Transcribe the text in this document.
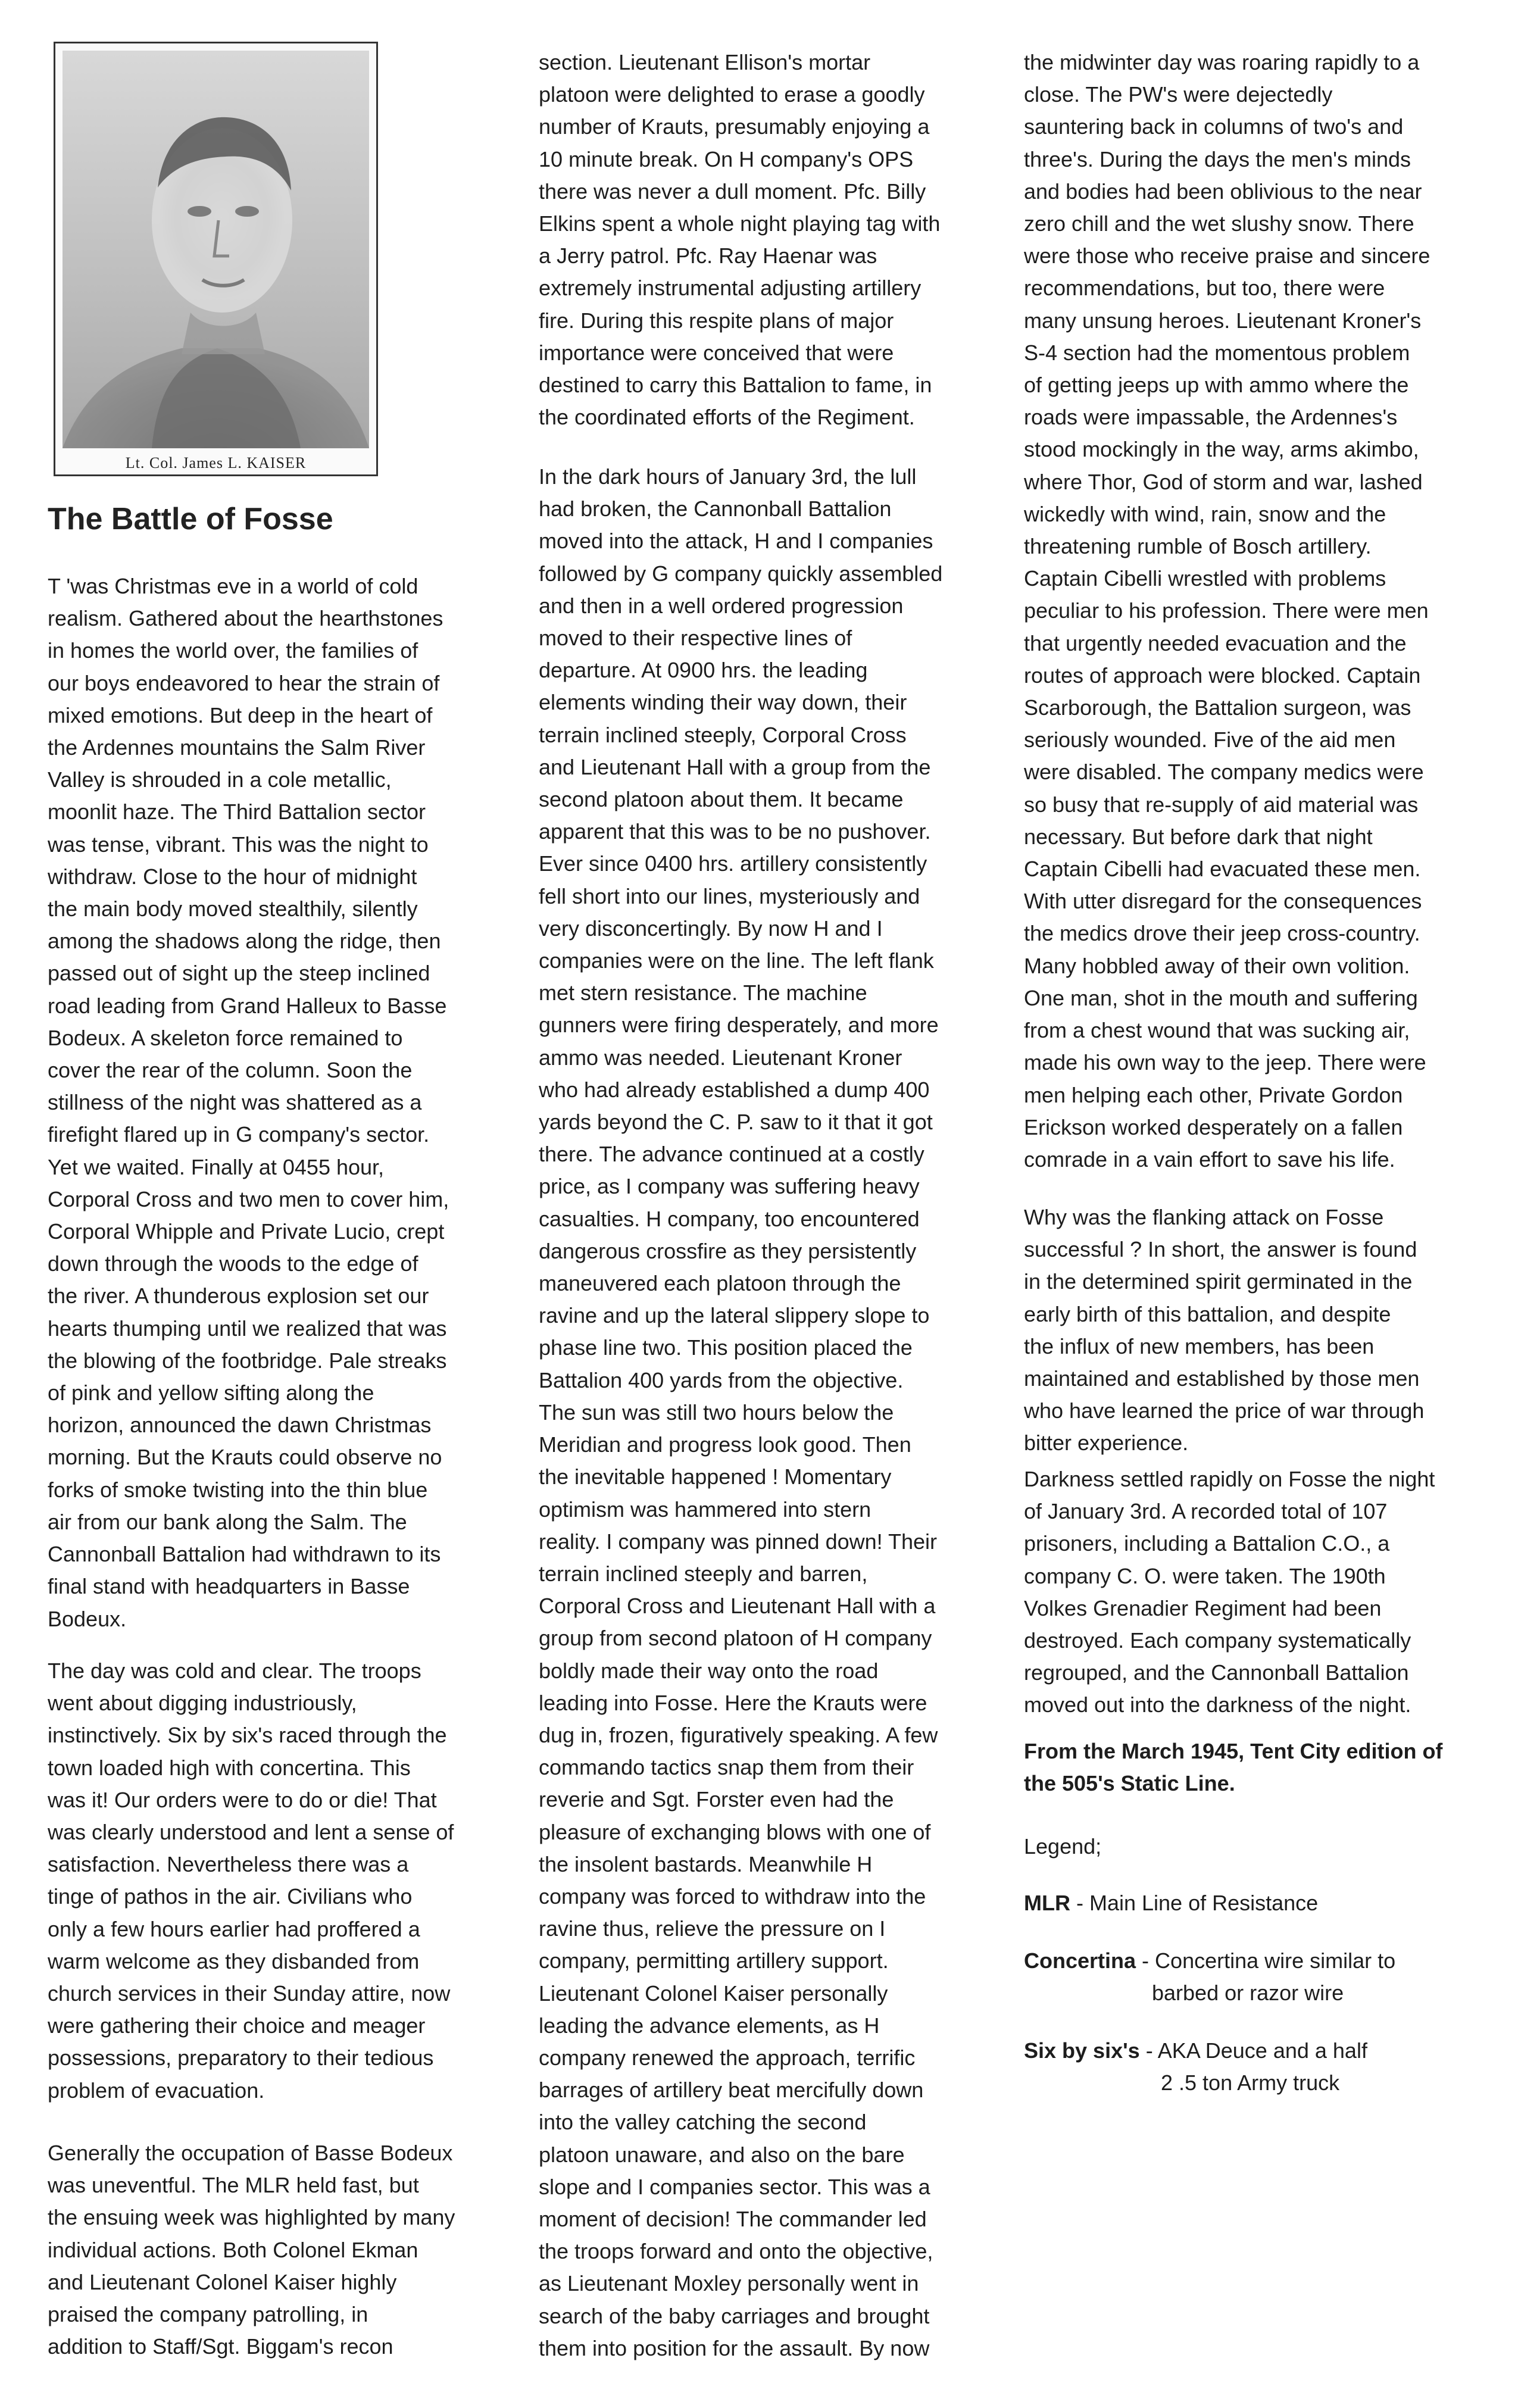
Lt. Col. James L. KAISER
The Battle of Fosse
T 'was Christmas eve in a world of cold
realism. Gathered about the hearthstones
in homes the world over, the families of
our boys endeavored to hear the strain of
mixed emotions. But deep in the heart of
the Ardennes mountains the Salm River
Valley is shrouded in a cole metallic,
moonlit haze. The Third Battalion sector
was tense, vibrant. This was the night to
withdraw. Close to the hour of midnight
the main body moved stealthily, silently
among the shadows along the ridge, then
passed out of sight up the steep inclined
road leading from Grand Halleux to Basse
Bodeux. A skeleton force remained to
cover the rear of the column. Soon the
stillness of the night was shattered as a
firefight flared up in G company's sector.
Yet we waited. Finally at 0455 hour,
Corporal Cross and two men to cover him,
Corporal Whipple and Private Lucio, crept
down through the woods to the edge of
the river. A thunderous explosion set our
hearts thumping until we realized that was
the blowing of the footbridge. Pale streaks
of pink and yellow sifting along the
horizon, announced the dawn Christmas
morning. But the Krauts could observe no
forks of smoke twisting into the thin blue
air from our bank along the Salm. The
Cannonball Battalion had withdrawn to its
final stand with headquarters in Basse
Bodeux.
The day was cold and clear. The troops
went about digging industriously,
instinctively. Six by six's raced through the
town loaded high with concertina. This
was it! Our orders were to do or die! That
was clearly understood and lent a sense of
satisfaction. Nevertheless there was a
tinge of pathos in the air. Civilians who
only a few hours earlier had proffered a
warm welcome as they disbanded from
church services in their Sunday attire, now
were gathering their choice and meager
possessions, preparatory to their tedious
problem of evacuation.
Generally the occupation of Basse Bodeux
was uneventful. The MLR held fast, but
the ensuing week was highlighted by many
individual actions. Both Colonel Ekman
and Lieutenant Colonel Kaiser highly
praised the company patrolling, in
addition to Staff/Sgt. Biggam's recon
section. Lieutenant Ellison's mortar
platoon were delighted to erase a goodly
number of Krauts, presumably enjoying a
10 minute break. On H company's OPS
there was never a dull moment. Pfc. Billy
Elkins spent a whole night playing tag with
a Jerry patrol. Pfc. Ray Haenar was
extremely instrumental adjusting artillery
fire. During this respite plans of major
importance were conceived that were
destined to carry this Battalion to fame, in
the coordinated efforts of the Regiment.
In the dark hours of January 3rd, the lull
had broken, the Cannonball Battalion
moved into the attack, H and I companies
followed by G company quickly assembled
and then in a well ordered progression
moved to their respective lines of
departure. At 0900 hrs. the leading
elements winding their way down, their
terrain inclined steeply, Corporal Cross
and Lieutenant Hall with a group from the
second platoon about them. It became
apparent that this was to be no pushover.
Ever since 0400 hrs. artillery consistently
fell short into our lines, mysteriously and
very disconcertingly. By now H and I
companies were on the line. The left flank
met stern resistance. The machine
gunners were firing desperately, and more
ammo was needed. Lieutenant Kroner
who had already established a dump 400
yards beyond the C. P. saw to it that it got
there. The advance continued at a costly
price, as I company was suffering heavy
casualties. H company, too encountered
dangerous crossfire as they persistently
maneuvered each platoon through the
ravine and up the lateral slippery slope to
phase line two. This position placed the
Battalion 400 yards from the objective.
The sun was still two hours below the
Meridian and progress look good. Then
the inevitable happened ! Momentary
optimism was hammered into stern
reality. I company was pinned down! Their
terrain inclined steeply and barren,
Corporal Cross and Lieutenant Hall with a
group from second platoon of H company
boldly made their way onto the road
leading into Fosse. Here the Krauts were
dug in, frozen, figuratively speaking. A few
commando tactics snap them from their
reverie and Sgt. Forster even had the
pleasure of exchanging blows with one of
the insolent bastards. Meanwhile H
company was forced to withdraw into the
ravine thus, relieve the pressure on I
company, permitting artillery support.
Lieutenant Colonel Kaiser personally
leading the advance elements, as H
company renewed the approach, terrific
barrages of artillery beat mercifully down
into the valley catching the second
platoon unaware, and also on the bare
slope and I companies sector. This was a
moment of decision! The commander led
the troops forward and onto the objective,
as Lieutenant Moxley personally went in
search of the baby carriages and brought
them into position for the assault. By now
the midwinter day was roaring rapidly to a
close. The PW's were dejectedly
sauntering back in columns of two's and
three's. During the days the men's minds
and bodies had been oblivious to the near
zero chill and the wet slushy snow. There
were those who receive praise and sincere
recommendations, but too, there were
many unsung heroes. Lieutenant Kroner's
S-4 section had the momentous problem
of getting jeeps up with ammo where the
roads were impassable, the Ardennes's
stood mockingly in the way, arms akimbo,
where Thor, God of storm and war, lashed
wickedly with wind, rain, snow and the
threatening rumble of Bosch artillery.
Captain Cibelli wrestled with problems
peculiar to his profession. There were men
that urgently needed evacuation and the
routes of approach were blocked. Captain
Scarborough, the Battalion surgeon, was
seriously wounded. Five of the aid men
were disabled. The company medics were
so busy that re-supply of aid material was
necessary. But before dark that night
Captain Cibelli had evacuated these men.
With utter disregard for the consequences
the medics drove their jeep cross-country.
Many hobbled away of their own volition.
One man, shot in the mouth and suffering
from a chest wound that was sucking air,
made his own way to the jeep. There were
men helping each other, Private Gordon
Erickson worked desperately on a fallen
comrade in a vain effort to save his life.
Why was the flanking attack on Fosse
successful ? In short, the answer is found
in the determined spirit germinated in the
early birth of this battalion, and despite
the influx of new members, has been
maintained and established by those men
who have learned the price of war through
bitter experience.
Darkness settled rapidly on Fosse the night
of January 3rd. A recorded total of 107
prisoners, including a Battalion C.O., a
company C. O. were taken. The 190th
Volkes Grenadier Regiment had been
destroyed. Each company systematically
regrouped, and the Cannonball Battalion
moved out into the darkness of the night.
From the March 1945, Tent City edition of
the 505's Static Line.
Legend;
MLR - Main Line of Resistance
Concertina - Concertina wire similar to
barbed or razor wire
Six by six's - AKA Deuce and a half
2 .5 ton Army truck
